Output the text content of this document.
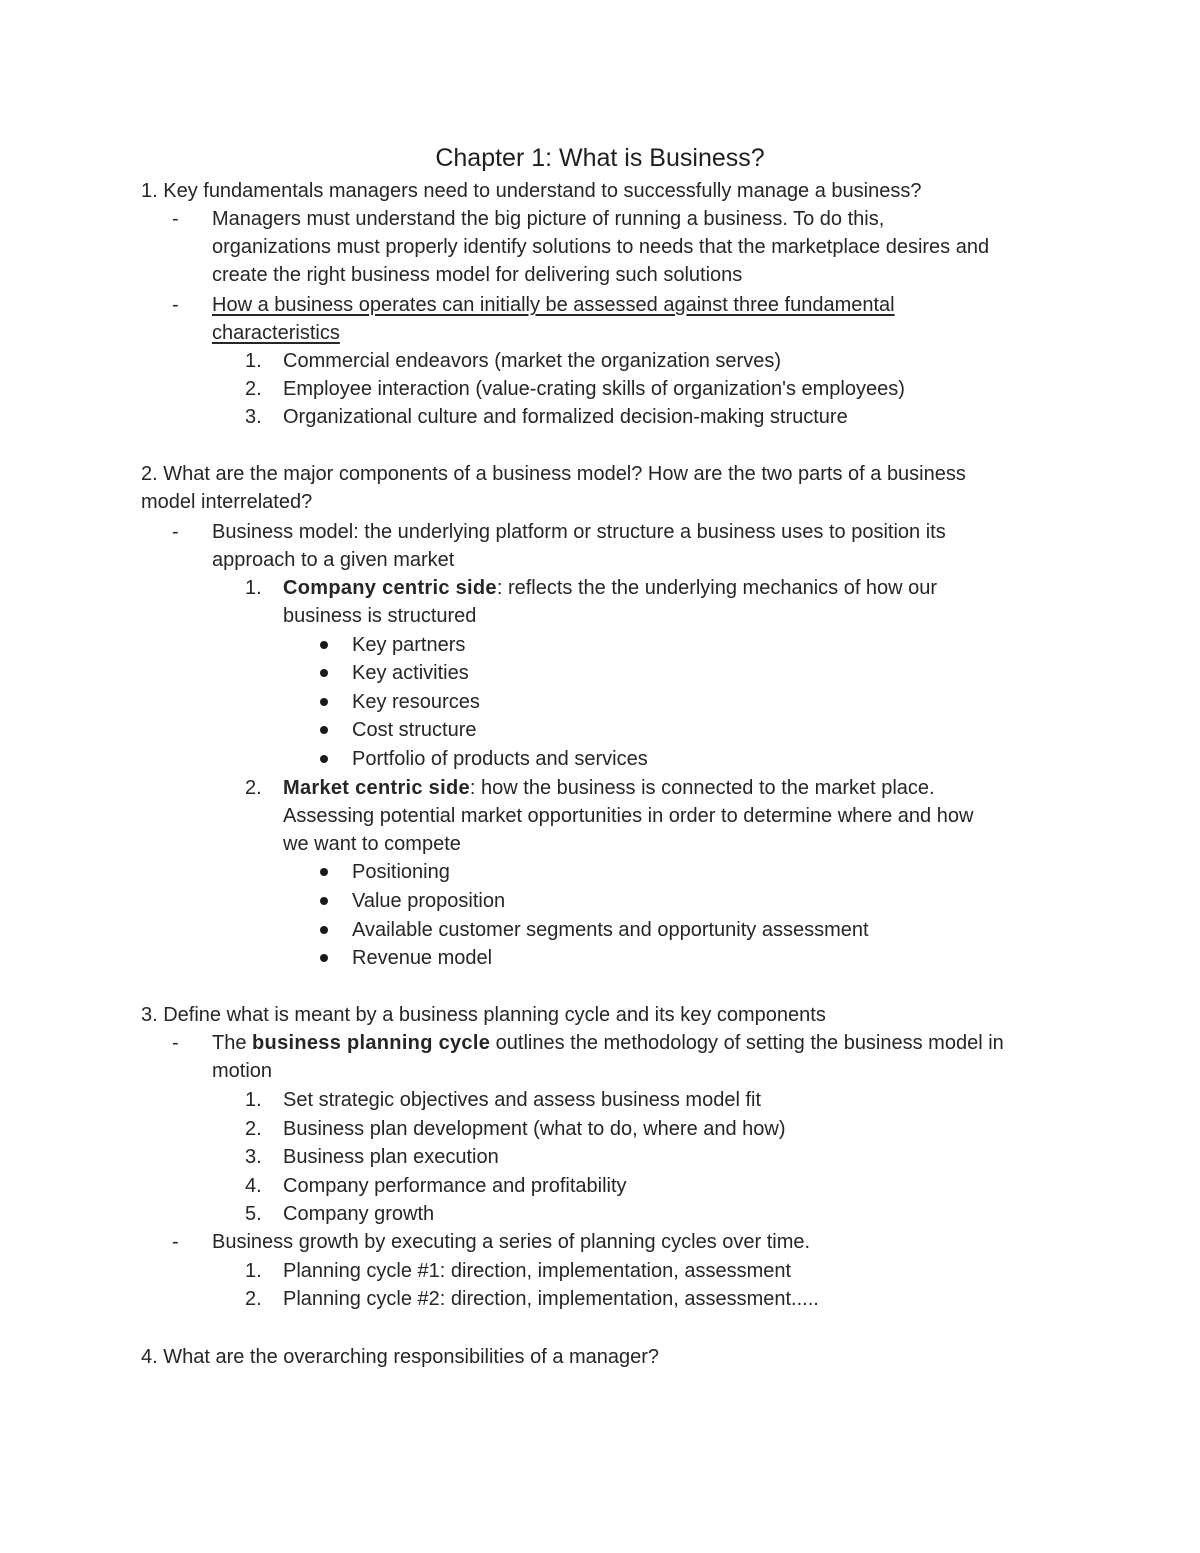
Chapter 1: What is Business?
1. Key fundamentals managers need to understand to successfully manage a business?
- Managers must understand the big picture of running a business. To do this,
organizations must properly identify solutions to needs that the marketplace desires and
create the right business model for delivering such solutions
- How a business operates can initially be assessed against three fundamental
characteristics
1. Commercial endeavors (market the organization serves)
2. Employee interaction (value-crating skills of organization's employees)
3. Organizational culture and formalized decision-making structure
2. What are the major components of a business model? How are the two parts of a business
model interrelated?
- Business model: the underlying platform or structure a business uses to position its
approach to a given market
1. Company centric side: reflects the the underlying mechanics of how our
business is structured
Key partners
Key activities
Key resources
Cost structure
Portfolio of products and services
2. Market centric side: how the business is connected to the market place.
Assessing potential market opportunities in order to determine where and how
we want to compete
Positioning
Value proposition
Available customer segments and opportunity assessment
Revenue model
3. Define what is meant by a business planning cycle and its key components
- The business planning cycle outlines the methodology of setting the business model in
motion
1. Set strategic objectives and assess business model fit
2. Business plan development (what to do, where and how)
3. Business plan execution
4. Company performance and profitability
5. Company growth
- Business growth by executing a series of planning cycles over time.
1. Planning cycle #1: direction, implementation, assessment
2. Planning cycle #2: direction, implementation, assessment.....
4. What are the overarching responsibilities of a manager?
